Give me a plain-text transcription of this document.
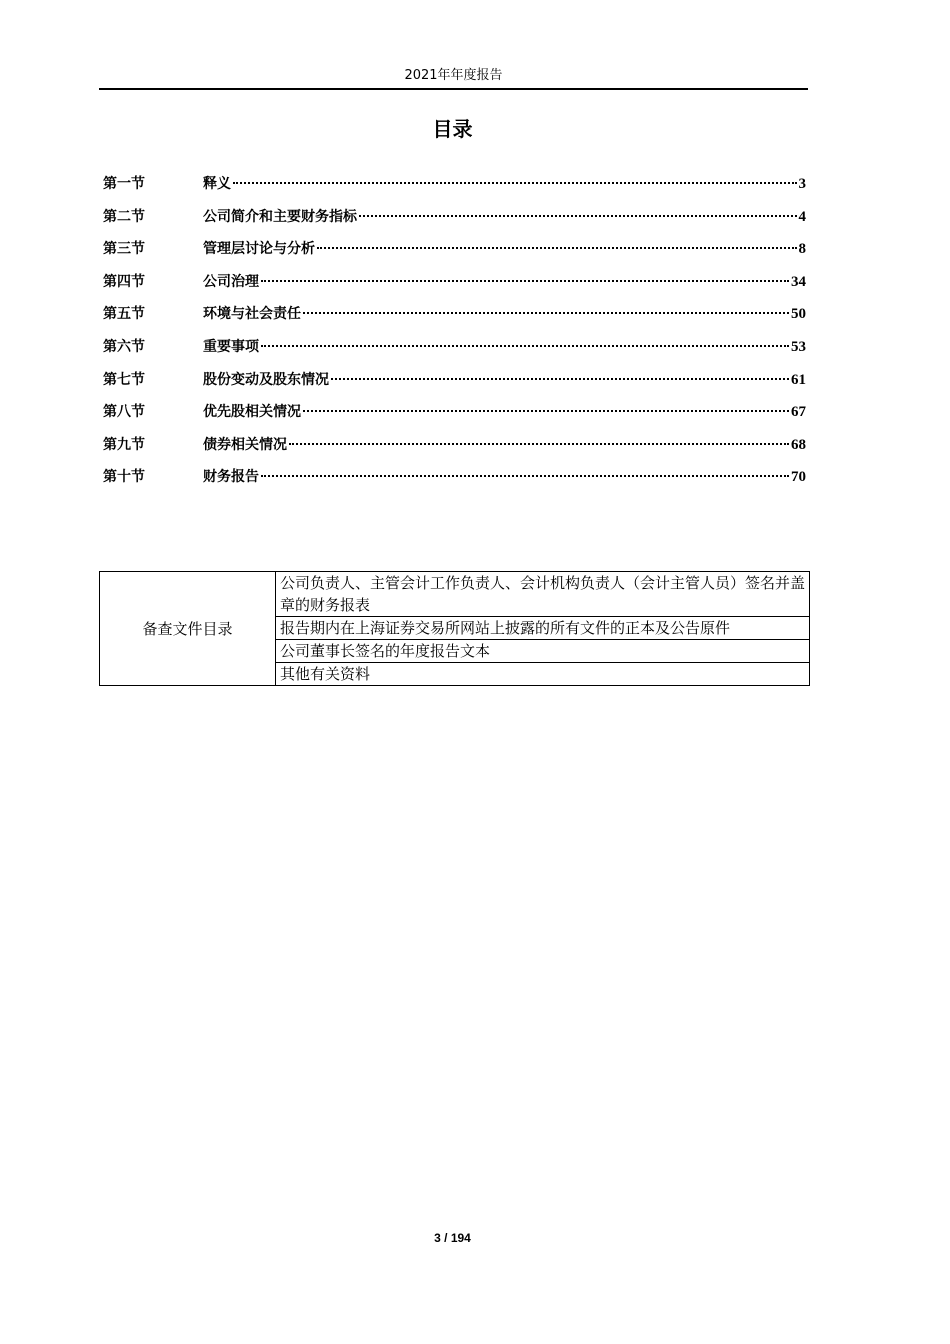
2021年年度报告
目录
第一节	释义	3
第二节	公司简介和主要财务指标	4
第三节	管理层讨论与分析	8
第四节	公司治理	34
第五节	环境与社会责任	50
第六节	重要事项	53
第七节	股份变动及股东情况	61
第八节	优先股相关情况	67
第九节	债券相关情况	68
第十节	财务报告	70
备查文件目录	公司负责人、主管会计工作负责人、会计机构负责人（会计主管人员）签名并盖章的财务报表
报告期内在上海证券交易所网站上披露的所有文件的正本及公告原件
公司董事长签名的年度报告文本
其他有关资料
3 / 194
